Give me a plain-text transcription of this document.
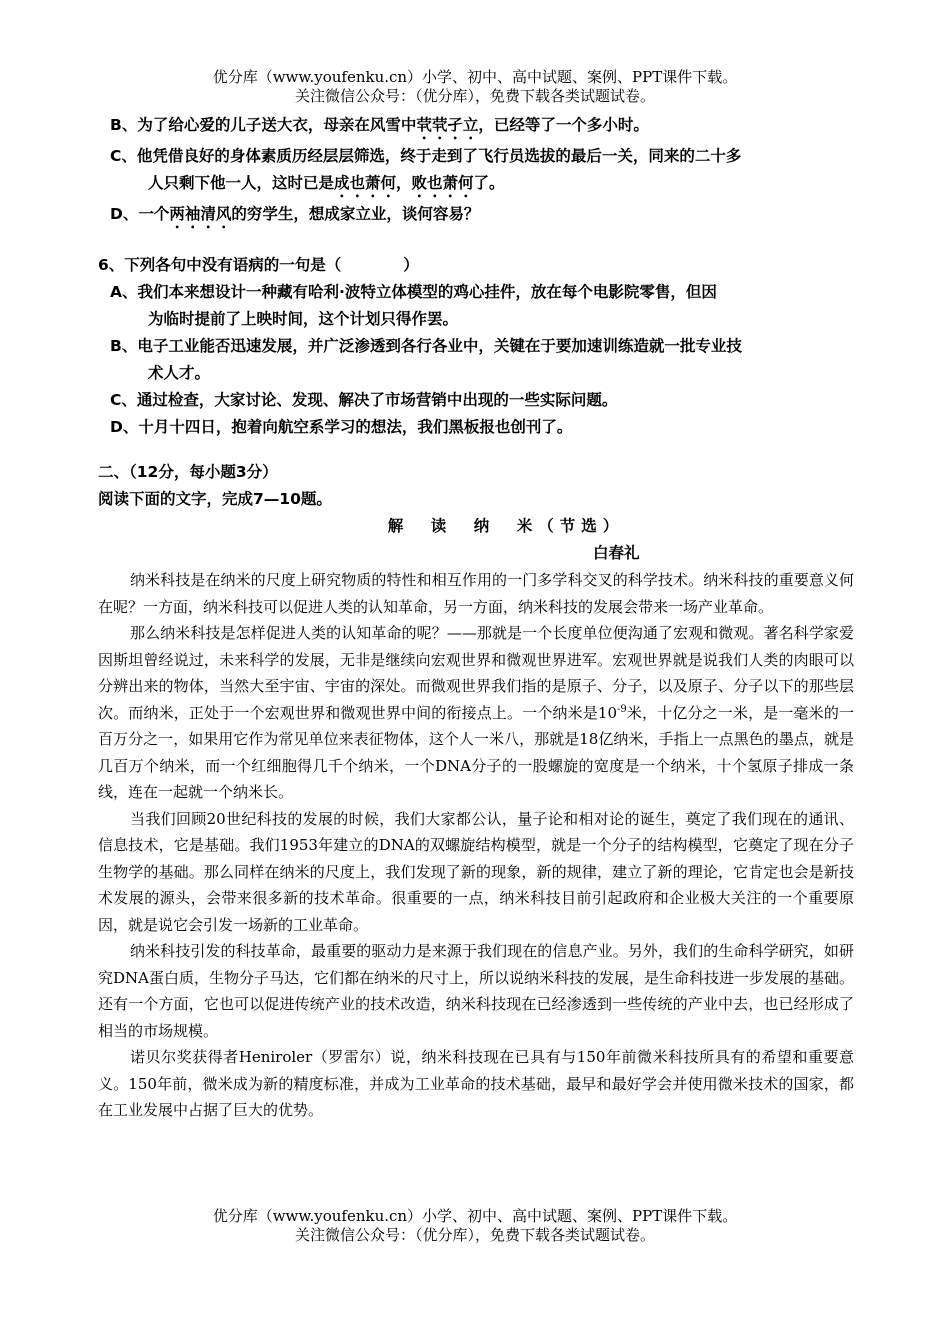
优分库（www.youfenku.cn）小学、初中、高中试题、案例、PPT课件下载。
关注微信公众号：（优分库），免费下载各类试题试卷。
B、为了给心爱的儿子送大衣，母亲在风雪中茕茕孑立，已经等了一个多小时。
C、他凭借良好的身体素质历经层层筛选，终于走到了飞行员选拔的最后一关，同来的二十多
人只剩下他一人，这时已是成也萧何，败也萧何了。
D、一个两袖清风的穷学生，想成家立业，谈何容易？
6、下列各句中没有语病的一句是（　　　　）
A、我们本来想设计一种藏有哈利·波特立体模型的鸡心挂件，放在每个电影院零售，但因
为临时提前了上映时间，这个计划只得作罢。
B、电子工业能否迅速发展，并广泛渗透到各行各业中，关键在于要加速训练造就一批专业技
术人才。
C、通过检查，大家讨论、发现、解决了市场营销中出现的一些实际问题。
D、十月十四日，抱着向航空系学习的想法，我们黑板报也创刊了。
二、（12分，每小题3分）
阅读下面的文字，完成7—10题。
解　读　纳　米（节选）
白春礼

纳米科技是在纳米的尺度上研究物质的特性和相互作用的一门多学科交叉的科学技术。纳米科技的重要意义何在呢？一方面，纳米科技可以促进人类的认知革命，另一方面，纳米科技的发展会带来一场产业革命。

那么纳米科技是怎样促进人类的认知革命的呢？——那就是一个长度单位便沟通了宏观和微观。著名科学家爱因斯坦曾经说过，未来科学的发展，无非是继续向宏观世界和微观世界进军。宏观世界就是说我们人类的肉眼可以分辨出来的物体，当然大至宇宙、宇宙的深处。而微观世界我们指的是原子、分子，以及原子、分子以下的那些层次。而纳米，正处于一个宏观世界和微观世界中间的衔接点上。一个纳米是$10^{-9}$米，十亿分之一米，是一毫米的一百万分之一，如果用它作为常见单位来表征物体，这个人一米八，那就是18亿纳米，手指上一点黑色的墨点，就是几百万个纳米，而一个红细胞得几千个纳米，一个DNA分子的一股螺旋的宽度是一个纳米，十个氢原子排成一条线，连在一起就一个纳米长。

当我们回顾20世纪科技的发展的时候，我们大家都公认，量子论和相对论的诞生，奠定了我们现在的通讯、信息技术，它是基础。我们1953年建立的DNA的双螺旋结构模型，就是一个分子的结构模型，它奠定了现在分子生物学的基础。那么同样在纳米的尺度上，我们发现了新的现象，新的规律，建立了新的理论，它肯定也会是新技术发展的源头，会带来很多新的技术革命。很重要的一点，纳米科技目前引起政府和企业极大关注的一个重要原因，就是说它会引发一场新的工业革命。

纳米科技引发的科技革命，最重要的驱动力是来源于我们现在的信息产业。另外，我们的生命科学研究，如研究DNA蛋白质，生物分子马达，它们都在纳米的尺寸上，所以说纳米科技的发展，是生命科技进一步发展的基础。还有一个方面，它也可以促进传统产业的技术改造，纳米科技现在已经渗透到一些传统的产业中去，也已经形成了相当的市场规模。

诺贝尔奖获得者Heniroler（罗雷尔）说，纳米科技现在已具有与150年前微米科技所具有的希望和重要意义。150年前，微米成为新的精度标准，并成为工业革命的技术基础，最早和最好学会并使用微米技术的国家，都在工业发展中占据了巨大的优势。

优分库（www.youfenku.cn）小学、初中、高中试题、案例、PPT课件下载。
关注微信公众号：（优分库），免费下载各类试题试卷。
